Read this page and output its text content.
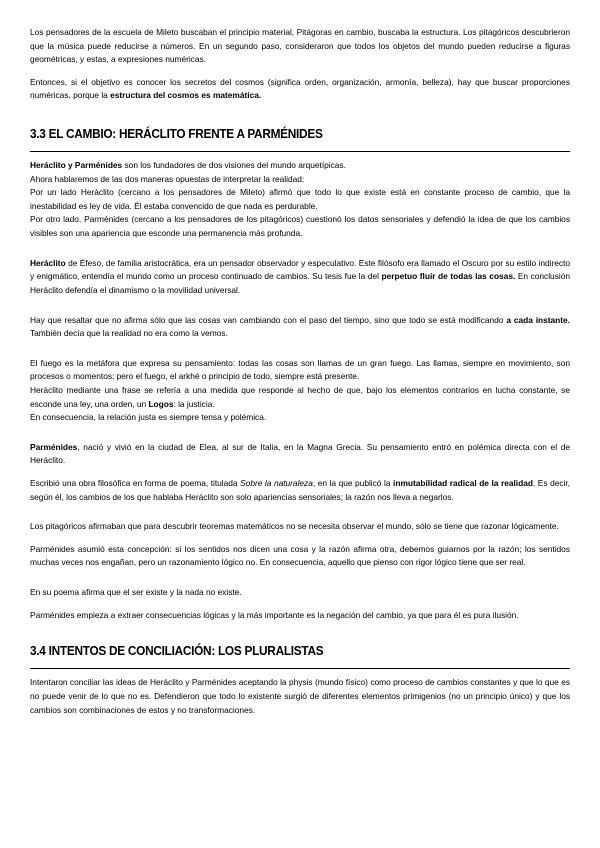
Los pensadores de la escuela de Mileto buscaban el principio material, Pitágoras en cambio, buscaba la estructura. Los pitagóricos descubrieron que la música puede reducirse a números. En un segundo paso, consideraron que todos los objetos del mundo pueden reducirse a figuras geométricas, y estas, a expresiones numéricas.

Entonces, si el objetivo es conocer los secretos del cosmos (significa orden, organización, armonía, belleza), hay que buscar proporciones numéricas, porque la estructura del cosmos es matemática.

3.3 EL CAMBIO: HERÁCLITO FRENTE A PARMÉNIDES

Heráclito y Parménides son los fundadores de dos visiones del mundo arquetípicas.

Ahora hablaremos de las dos maneras opuestas de interpretar la realidad:

Por un lado Heráclito (cercano a los pensadores de Mileto) afirmó que todo lo que existe está en constante proceso de cambio, que la inestabilidad es ley de vida. Él estaba convencido de que nada es perdurable.

Por otro lado, Parménides (cercano a los pensadores de los pitagóricos) cuestionó los datos sensoriales y defendió la idea de que los cambios visibles son una apariencia que esconde una permanencia más profunda.

Heráclito de Éfeso, de familia aristocrática, era un pensador observador y especulativo. Este filósofo era llamado el Oscuro por su estilo indirecto y enigmático, entendía el mundo como un proceso continuado de cambios. Su tesis fue la del perpetuo fluir de todas las cosas. En conclusión Heráclito defendía el dinamismo o la movilidad universal.

Hay que resaltar que no afirma sólo que las cosas van cambiando con el paso del tiempo, sino que todo se está modificando a cada instante. También decía que la realidad no era como la vemos.

El fuego es la metáfora que expresa su pensamiento: todas las cosas son llamas de un gran fuego. Las llamas, siempre en movimiento, son procesos o momentos; pero el fuego, el arkhé o principio de todo, siempre está presente.

Heráclito mediante una frase se refería a una medida que responde al hecho de que, bajo los elementos contrarios en lucha constante, se esconde una ley, una orden, un Logos: la justicia.

En consecuencia, la relación justa es siempre tensa y polémica.

Parménides, nació y vivió en la ciudad de Elea, al sur de Italia, en la Magna Grecia. Su pensamiento entró en polémica directa con el de Heráclito.

Escribió una obra filosófica en forma de poema, titulada Sobre la naturaleza, en la que publicó la inmutabilidad radical de la realidad. Es decir, según él, los cambios de los que hablaba Heráclito son solo apariencias sensoriales; la razón nos lleva a negarlos.

Los pitagóricos afirmaban que para descubrir teoremas matemáticos no se necesita observar el mundo, sólo se tiene que razonar lógicamente.

Parménides asumió esta concepción: si los sentidos nos dicen una cosa y la razón afirma otra, debemos guiarnos por la razón; los sentidos muchas veces nos engañan, pero un razonamiento lógico no. En consecuencia, aquello que pienso con rigor lógico tiene que ser real.

En su poema afirma que el ser existe y la nada no existe.

Parménides empieza a extraer consecuencias lógicas y la más importante es la negación del cambio, ya que para él es pura ilusión.

3.4 INTENTOS DE CONCILIACIÓN: LOS PLURALISTAS

Intentaron conciliar las ideas de Heráclito y Parménides aceptando la physis (mundo físico) como proceso de cambios constantes y que lo que es no puede venir de lo que no es. Defendieron que todo lo existente surgió de diferentes elementos primigenios (no un principio único) y que los cambios son combinaciones de estos y no transformaciones.
